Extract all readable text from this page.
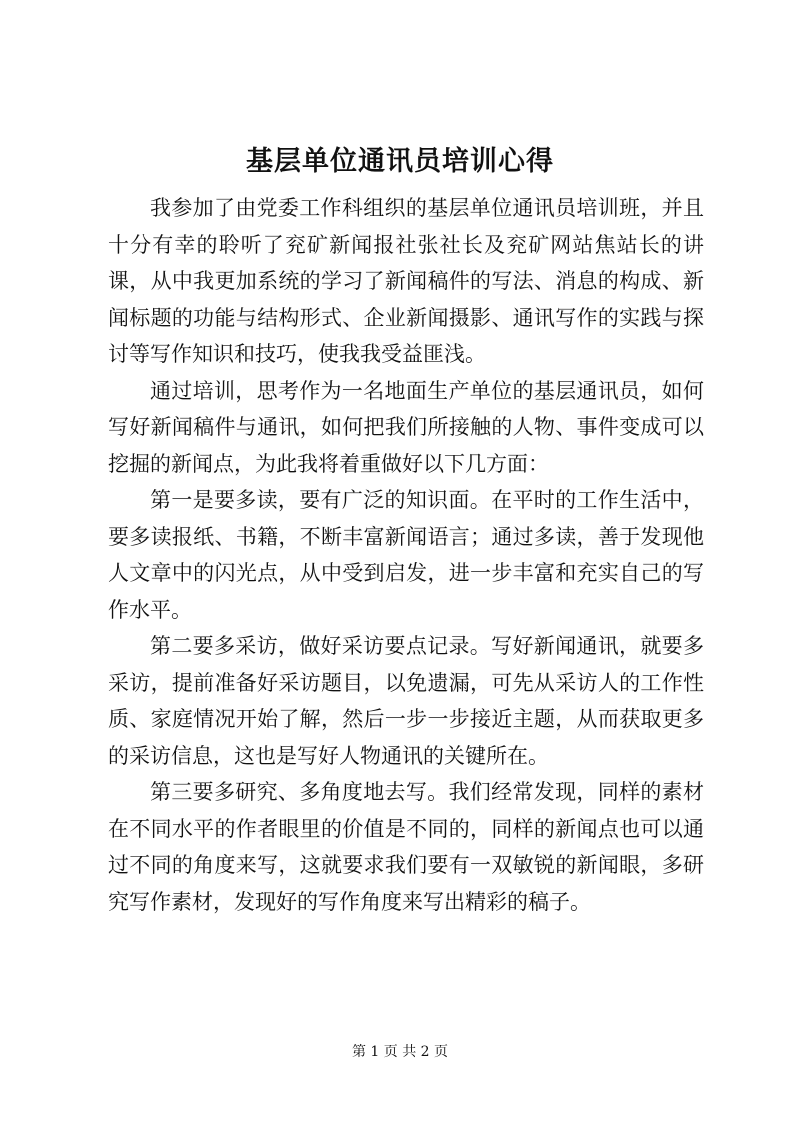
基层单位通讯员培训心得

我参加了由党委工作科组织的基层单位通讯员培训班，并且十分有幸的聆听了兖矿新闻报社张社长及兖矿网站焦站长的讲课，从中我更加系统的学习了新闻稿件的写法、消息的构成、新闻标题的功能与结构形式、企业新闻摄影、通讯写作的实践与探讨等写作知识和技巧，使我我受益匪浅。

通过培训，思考作为一名地面生产单位的基层通讯员，如何写好新闻稿件与通讯，如何把我们所接触的人物、事件变成可以挖掘的新闻点，为此我将着重做好以下几方面：

第一是要多读，要有广泛的知识面。在平时的工作生活中，要多读报纸、书籍，不断丰富新闻语言；通过多读，善于发现他人文章中的闪光点，从中受到启发，进一步丰富和充实自己的写作水平。

第二要多采访，做好采访要点记录。写好新闻通讯，就要多采访，提前准备好采访题目，以免遗漏，可先从采访人的工作性质、家庭情况开始了解，然后一步一步接近主题，从而获取更多的采访信息，这也是写好人物通讯的关键所在。

第三要多研究、多角度地去写。我们经常发现，同样的素材在不同水平的作者眼里的价值是不同的，同样的新闻点也可以通过不同的角度来写，这就要求我们要有一双敏锐的新闻眼，多研究写作素材，发现好的写作角度来写出精彩的稿子。

第 1 页 共 2 页
